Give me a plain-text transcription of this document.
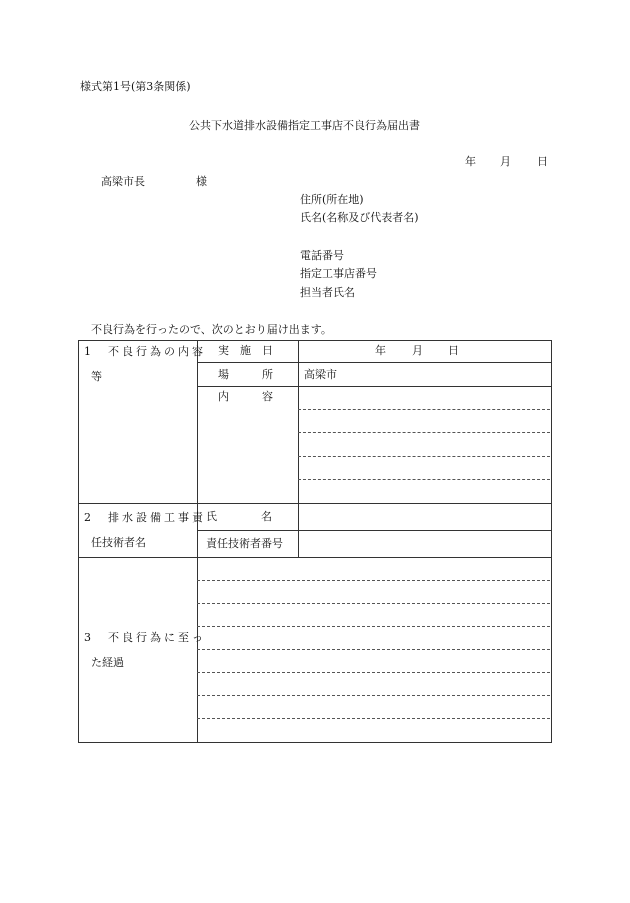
様式第1号(第3条関係)
公共下水道排水設備指定工事店不良行為届出書
年 月 日
高梁市長	様
住所(所在地)
氏名(名称及び代表者名)
電話番号
指定工事店番号
担当者氏名
不良行為を行ったので、次のとおり届け出ます。
1　不良行為の内容
等
実　施　日	年 月 日
場　　　所	高梁市
内　　　容
2　排水設備工事責
任技術者名
氏　　　　名
責任技術者番号
3　不良行為に至っ
た経過
